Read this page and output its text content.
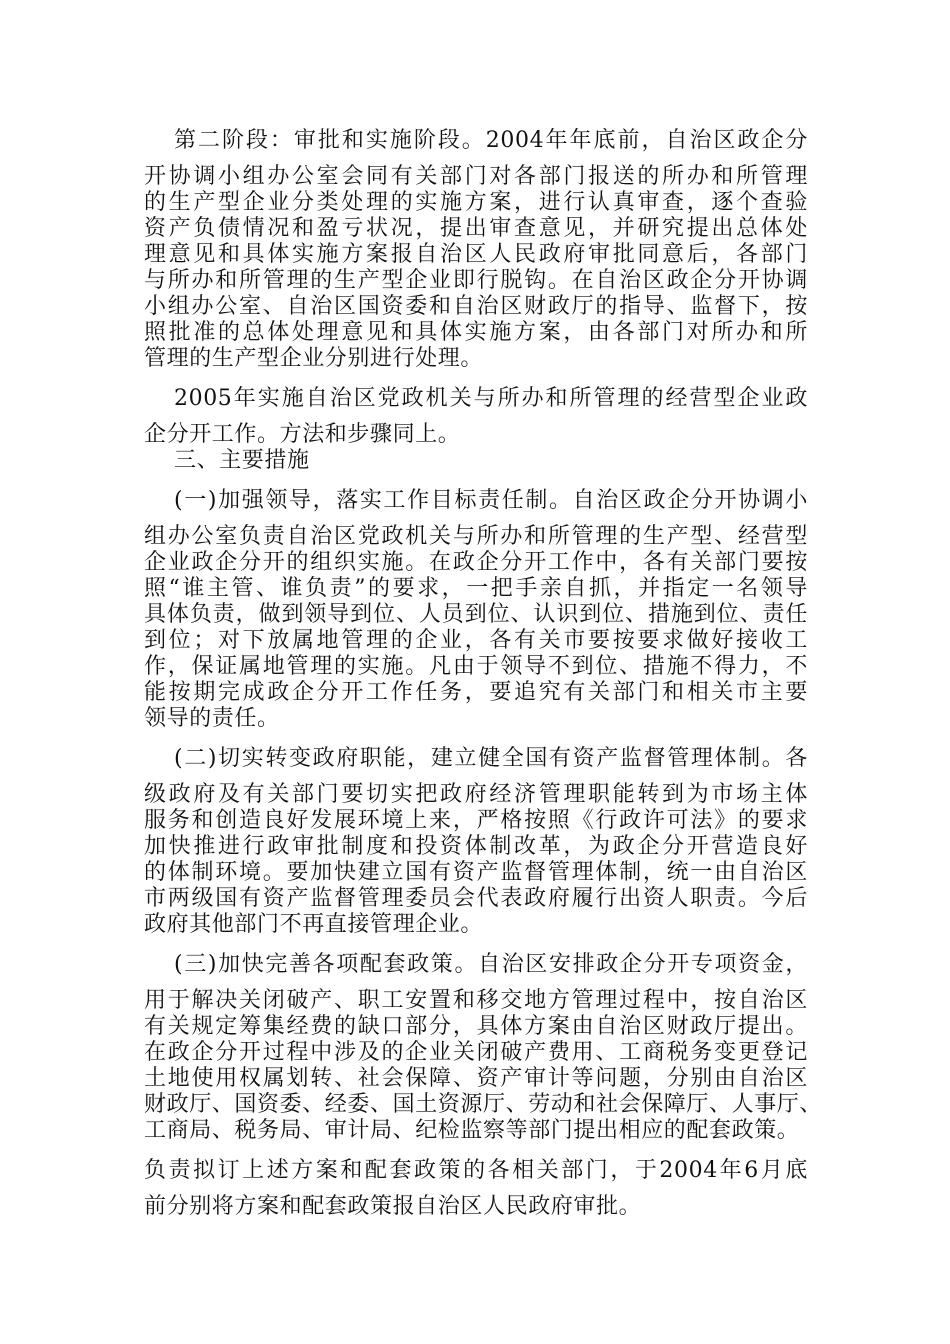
第二阶段：审批和实施阶段。2004年年底前，自治区政企分
开协调小组办公室会同有关部门对各部门报送的所办和所管理
的生产型企业分类处理的实施方案，进行认真审查，逐个查验
资产负债情况和盈亏状况，提出审查意见，并研究提出总体处
理意见和具体实施方案报自治区人民政府审批同意后，各部门
与所办和所管理的生产型企业即行脱钩。在自治区政企分开协调
小组办公室、自治区国资委和自治区财政厅的指导、监督下，按
照批准的总体处理意见和具体实施方案，由各部门对所办和所
管理的生产型企业分别进行处理。
2005年实施自治区党政机关与所办和所管理的经营型企业政
企分开工作。方法和步骤同上。
三、主要措施
(一)加强领导，落实工作目标责任制。自治区政企分开协调小
组办公室负责自治区党政机关与所办和所管理的生产型、经营型
企业政企分开的组织实施。在政企分开工作中，各有关部门要按
照“谁主管、谁负责”的要求，一把手亲自抓，并指定一名领导
具体负责，做到领导到位、人员到位、认识到位、措施到位、责任
到位；对下放属地管理的企业，各有关市要按要求做好接收工
作，保证属地管理的实施。凡由于领导不到位、措施不得力，不
能按期完成政企分开工作任务，要追究有关部门和相关市主要
领导的责任。
(二)切实转变政府职能，建立健全国有资产监督管理体制。各
级政府及有关部门要切实把政府经济管理职能转到为市场主体
服务和创造良好发展环境上来，严格按照《行政许可法》的要求
加快推进行政审批制度和投资体制改革，为政企分开营造良好
的体制环境。要加快建立国有资产监督管理体制，统一由自治区
市两级国有资产监督管理委员会代表政府履行出资人职责。今后
政府其他部门不再直接管理企业。
(三)加快完善各项配套政策。自治区安排政企分开专项资金，
用于解决关闭破产、职工安置和移交地方管理过程中，按自治区
有关规定筹集经费的缺口部分，具体方案由自治区财政厅提出。
在政企分开过程中涉及的企业关闭破产费用、工商税务变更登记
土地使用权属划转、社会保障、资产审计等问题，分别由自治区
财政厅、国资委、经委、国土资源厅、劳动和社会保障厅、人事厅、
工商局、税务局、审计局、纪检监察等部门提出相应的配套政策。
负责拟订上述方案和配套政策的各相关部门，于2004年6月底
前分别将方案和配套政策报自治区人民政府审批。
